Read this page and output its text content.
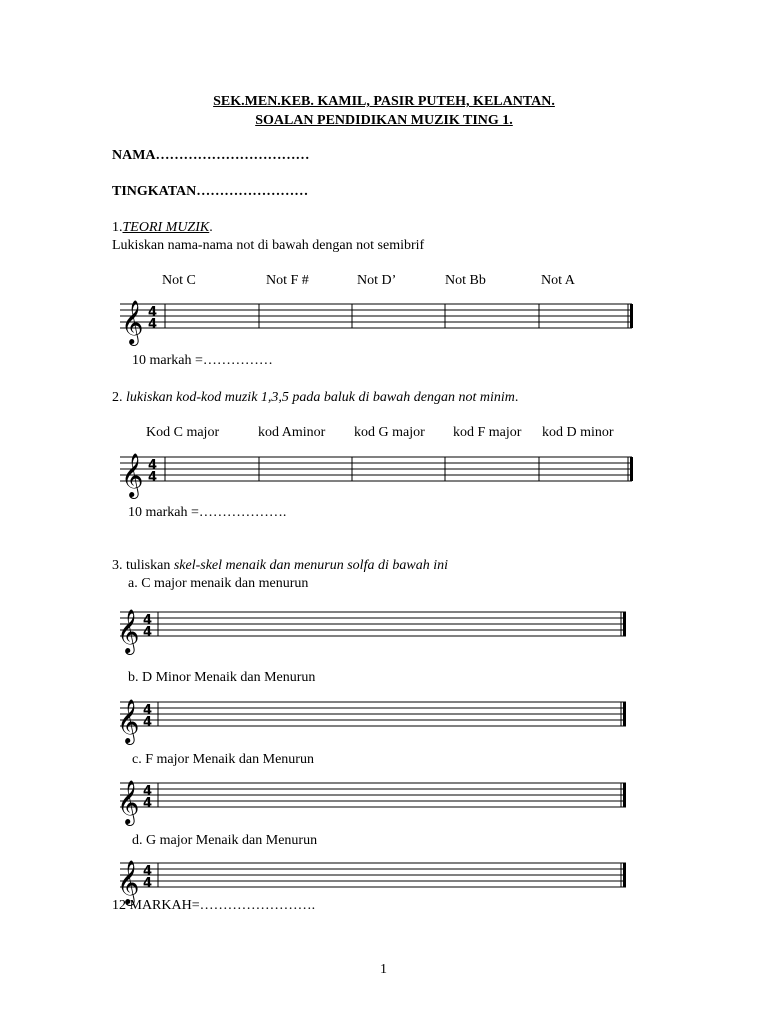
SEK.MEN.KEB. KAMIL, PASIR PUTEH, KELANTAN.
SOALAN PENDIDIKAN MUZIK TING 1.
NAMA……………………………
TINGKATAN……………………
1.TEORI MUZIK.
Lukiskan nama-nama not di bawah dengan not semibrif
Not C	Not F #	Not D’	Not Bb	Not A
𝄞 4
4
𝄞 4
4
𝄞 4
4
𝄞 4
4
𝄞 4
4
𝄞 4
4
10 markah =……………
2. lukiskan kod-kod muzik 1,3,5 pada baluk di bawah dengan not minim.
Kod C major	kod Aminor kod G major kod F major kod D minor
10 markah =……………….
3. tuliskan skel-skel menaik dan menurun solfa di bawah ini
a. C major menaik dan menurun
b. D Minor Menaik dan Menurun
c. F major Menaik dan Menurun
d. G major Menaik dan Menurun
12 MARKAH=…………………….
1
